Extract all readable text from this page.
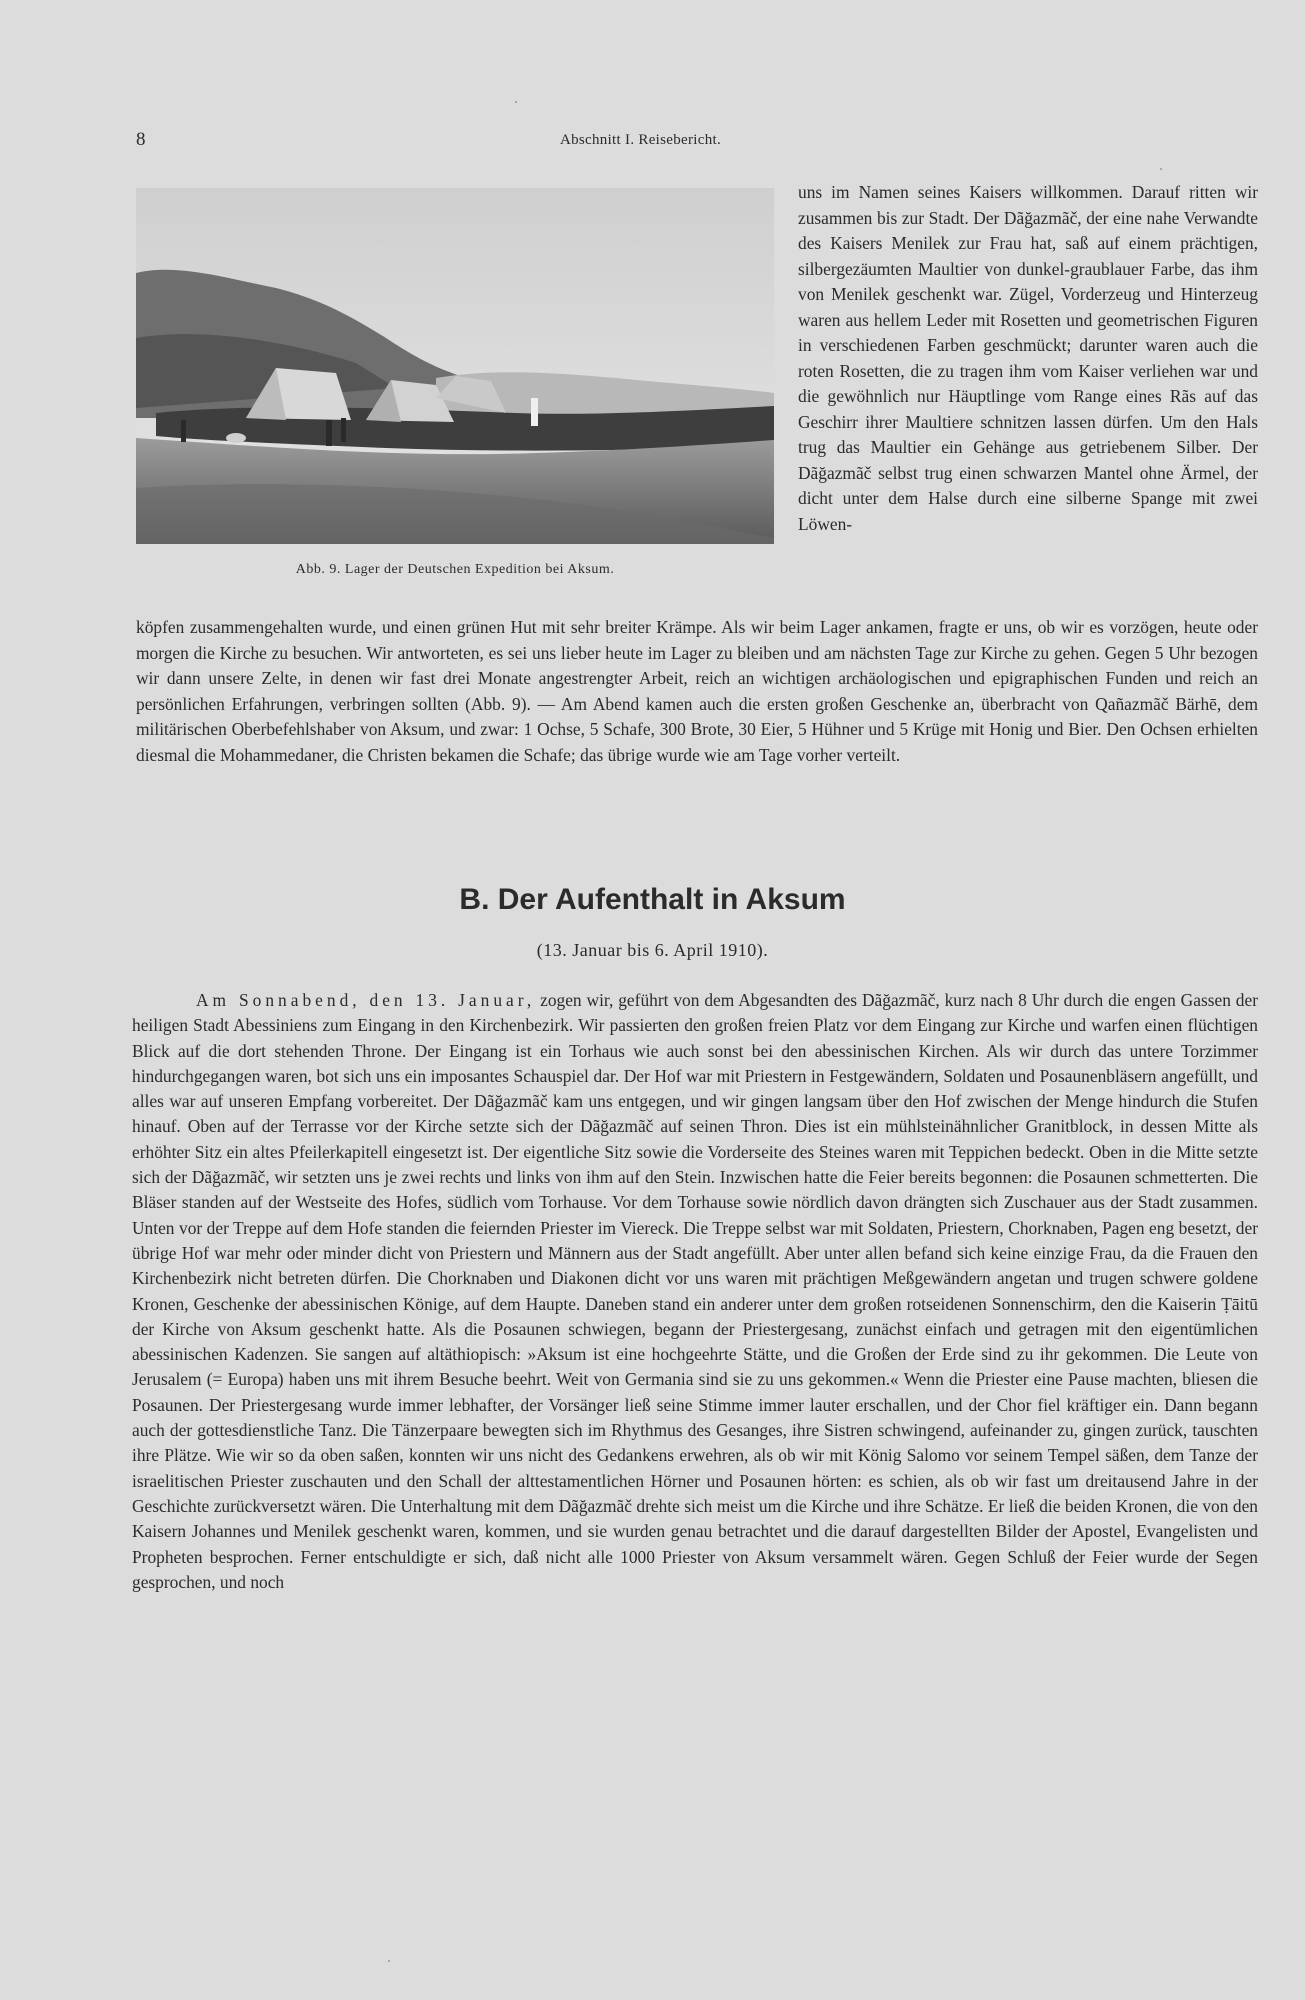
8	Abschnitt I. Reisebericht.
Abb. 9. Lager der Deutschen Expedition bei Aksum.

uns im Namen seines Kaisers willkommen. Darauf ritten wir zusammen bis zur Stadt. Der Dãğazmãč, der eine nahe Verwandte des Kaisers Menilek zur Frau hat, saß auf einem prächtigen, silbergezäumten Maultier von dunkel-graublauer Farbe, das ihm von Menilek geschenkt war. Zügel, Vorderzeug und Hinterzeug waren aus hellem Leder mit Rosetten und geometrischen Figuren in verschiedenen Farben geschmückt; darunter waren auch die roten Rosetten, die zu tragen ihm vom Kaiser verliehen war und die gewöhnlich nur Häuptlinge vom Range eines Rãs auf das Geschirr ihrer Maultiere schnitzen lassen dürfen. Um den Hals trug das Maultier ein Gehänge aus getriebenem Silber. Der Dãğazmãč selbst trug einen schwarzen Mantel ohne Ärmel, der dicht unter dem Halse durch eine silberne Spange mit zwei Löwen-

köpfen zusammengehalten wurde, und einen grünen Hut mit sehr breiter Krämpe. Als wir beim Lager ankamen, fragte er uns, ob wir es vorzögen, heute oder morgen die Kirche zu besuchen. Wir antworteten, es sei uns lieber heute im Lager zu bleiben und am nächsten Tage zur Kirche zu gehen. Gegen 5 Uhr bezogen wir dann unsere Zelte, in denen wir fast drei Monate angestrengter Arbeit, reich an wichtigen archäologischen und epigraphischen Funden und reich an persönlichen Erfahrungen, verbringen sollten (Abb. 9). — Am Abend kamen auch die ersten großen Geschenke an, überbracht von Qañazmãč Bärhē, dem militärischen Oberbefehlshaber von Aksum, und zwar: 1 Ochse, 5 Schafe, 300 Brote, 30 Eier, 5 Hühner und 5 Krüge mit Honig und Bier. Den Ochsen erhielten diesmal die Mohammedaner, die Christen bekamen die Schafe; das übrige wurde wie am Tage vorher verteilt.

B. Der Aufenthalt in Aksum
(13. Januar bis 6. April 1910).

Am Sonnabend, den 13. Januar, zogen wir, geführt von dem Abgesandten des Dãğazmãč, kurz nach 8 Uhr durch die engen Gassen der heiligen Stadt Abessiniens zum Eingang in den Kirchenbezirk. Wir passierten den großen freien Platz vor dem Eingang zur Kirche und warfen einen flüchtigen Blick auf die dort stehenden Throne. Der Eingang ist ein Torhaus wie auch sonst bei den abessinischen Kirchen. Als wir durch das untere Torzimmer hindurchgegangen waren, bot sich uns ein imposantes Schauspiel dar. Der Hof war mit Priestern in Festgewändern, Soldaten und Posaunenbläsern angefüllt, und alles war auf unseren Empfang vorbereitet. Der Dãğazmãč kam uns entgegen, und wir gingen langsam über den Hof zwischen der Menge hindurch die Stufen hinauf. Oben auf der Terrasse vor der Kirche setzte sich der Dãğazmãč auf seinen Thron. Dies ist ein mühlsteinähnlicher Granitblock, in dessen Mitte als erhöhter Sitz ein altes Pfeilerkapitell eingesetzt ist. Der eigentliche Sitz sowie die Vorderseite des Steines waren mit Teppichen bedeckt. Oben in die Mitte setzte sich der Dãğazmãč, wir setzten uns je zwei rechts und links von ihm auf den Stein. Inzwischen hatte die Feier bereits begonnen: die Posaunen schmetterten. Die Bläser standen auf der Westseite des Hofes, südlich vom Torhause. Vor dem Torhause sowie nördlich davon drängten sich Zuschauer aus der Stadt zusammen. Unten vor der Treppe auf dem Hofe standen die feiernden Priester im Viereck. Die Treppe selbst war mit Soldaten, Priestern, Chorknaben, Pagen eng besetzt, der übrige Hof war mehr oder minder dicht von Priestern und Männern aus der Stadt angefüllt. Aber unter allen befand sich keine einzige Frau, da die Frauen den Kirchenbezirk nicht betreten dürfen. Die Chorknaben und Diakonen dicht vor uns waren mit prächtigen Meßgewändern angetan und trugen schwere goldene Kronen, Geschenke der abessinischen Könige, auf dem Haupte. Daneben stand ein anderer unter dem großen rotseidenen Sonnenschirm, den die Kaiserin Ṭāitū der Kirche von Aksum geschenkt hatte. Als die Posaunen schwiegen, begann der Priestergesang, zunächst einfach und getragen mit den eigentümlichen abessinischen Kadenzen. Sie sangen auf altäthiopisch: »Aksum ist eine hochgeehrte Stätte, und die Großen der Erde sind zu ihr gekommen. Die Leute von Jerusalem (= Europa) haben uns mit ihrem Besuche beehrt. Weit von Germania sind sie zu uns gekommen.« Wenn die Priester eine Pause machten, bliesen die Posaunen. Der Priestergesang wurde immer lebhafter, der Vorsänger ließ seine Stimme immer lauter erschallen, und der Chor fiel kräftiger ein. Dann begann auch der gottesdienstliche Tanz. Die Tänzerpaare bewegten sich im Rhythmus des Gesanges, ihre Sistren schwingend, aufeinander zu, gingen zurück, tauschten ihre Plätze. Wie wir so da oben saßen, konnten wir uns nicht des Gedankens erwehren, als ob wir mit König Salomo vor seinem Tempel säßen, dem Tanze der israelitischen Priester zuschauten und den Schall der alttestamentlichen Hörner und Posaunen hörten: es schien, als ob wir fast um dreitausend Jahre in der Geschichte zurückversetzt wären. Die Unterhaltung mit dem Dãğazmãč drehte sich meist um die Kirche und ihre Schätze. Er ließ die beiden Kronen, die von den Kaisern Johannes und Menilek geschenkt waren, kommen, und sie wurden genau betrachtet und die darauf dargestellten Bilder der Apostel, Evangelisten und Propheten besprochen. Ferner entschuldigte er sich, daß nicht alle 1000 Priester von Aksum versammelt wären. Gegen Schluß der Feier wurde der Segen gesprochen, und noch
